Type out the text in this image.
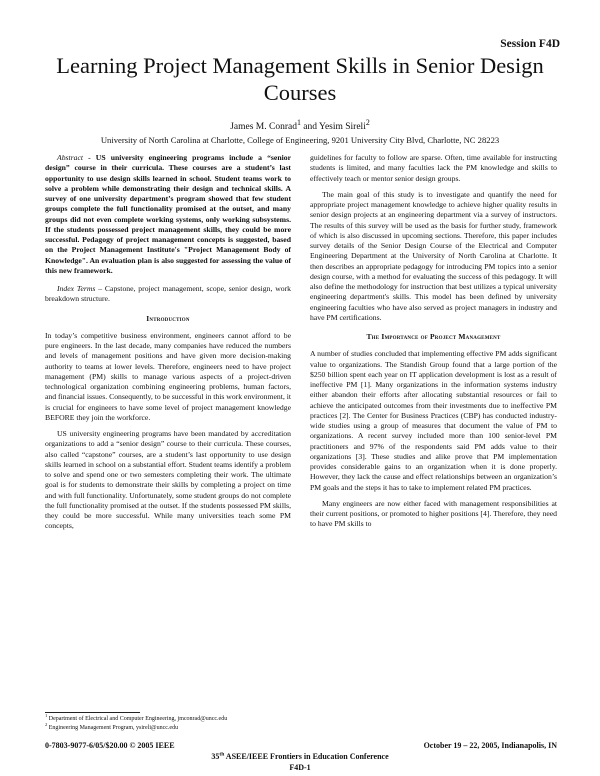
Session F4D
Learning Project Management Skills in Senior Design Courses
James M. Conrad$^1$ and Yesim Sireli$^2$
University of North Carolina at Charlotte, College of Engineering, 9201 University City Blvd, Charlotte, NC 28223

Abstract - US university engineering programs include a “senior design” course in their curricula. These courses are a student’s last opportunity to use design skills learned in school. Student teams work to solve a problem while demonstrating their design and technical skills. A survey of one university department’s program showed that few student groups complete the full functionality promised at the outset, and many groups did not even complete working systems, only working subsystems. If the students possessed project management skills, they could be more successful. Pedagogy of project management concepts is suggested, based on the Project Management Institute's "Project Management Body of Knowledge". An evaluation plan is also suggested for assessing the value of this new framework.

Index Terms – Capstone, project management, scope, senior design, work breakdown structure.

Introduction

In today’s competitive business environment, engineers cannot afford to be pure engineers. In the last decade, many companies have reduced the numbers and levels of management positions and have given more decision-making authority to teams at lower levels. Therefore, engineers need to have project management (PM) skills to manage various aspects of a project-driven technological organization combining engineering problems, human factors, and financial issues. Consequently, to be successful in this work environment, it is crucial for engineers to have some level of project management knowledge BEFORE they join the workforce.

US university engineering programs have been mandated by accreditation organizations to add a “senior design” course to their curricula. These courses, also called “capstone” courses, are a student’s last opportunity to use design skills learned in school on a substantial effort. Student teams identify a problem to solve and spend one or two semesters completing their work. The ultimate goal is for students to demonstrate their skills by completing a project on time and with full functionality. Unfortunately, some student groups do not complete the full functionality promised at the outset. If the students possessed PM skills, they could be more successful. While many universities teach some PM concepts,

guidelines for faculty to follow are sparse. Often, time available for instructing students is limited, and many faculties lack the PM knowledge and skills to effectively teach or mentor senior design groups.

The main goal of this study is to investigate and quantify the need for appropriate project management knowledge to achieve higher quality results in senior design projects at an engineering department via a survey of instructors. The results of this survey will be used as the basis for further study, framework of which is also discussed in upcoming sections. Therefore, this paper includes survey details of the Senior Design Course of the Electrical and Computer Engineering Department at the University of North Carolina at Charlotte. It then describes an appropriate pedagogy for introducing PM topics into a senior design course, with a method for evaluating the success of this pedagogy. It will also define the methodology for instruction that best utilizes a typical university engineering department's skills. This model has been defined by university engineering faculties who have also served as project managers in industry and have PM certifications.

The Importance of Project Management

A number of studies concluded that implementing effective PM adds significant value to organizations. The Standish Group found that a large portion of the $250 billion spent each year on IT application development is lost as a result of ineffective PM [1]. Many organizations in the information systems industry either abandon their efforts after allocating substantial resources or fail to achieve the anticipated outcomes from their investments due to ineffective PM practices [2]. The Center for Business Practices (CBP) has conducted industry-wide studies using a group of measures that document the value of PM to organizations. A recent survey included more than 100 senior-level PM practitioners and 97% of the respondents said PM adds value to their organizations [3]. These studies and alike prove that PM implementation provides considerable gains to an organization when it is done properly. However, they lack the cause and effect relationships between an organization’s PM goals and the steps it has to take to implement related PM practices.

Many engineers are now either faced with management responsibilities at their current positions, or promoted to higher positions [4]. Therefore, they need to have PM skills to

$^1$ Department of Electrical and Computer Engineering, jmconrad@uncc.edu
$^2$ Engineering Management Program, ysireli@uncc.edu
0-7803-9077-6/05/$20.00 © 2005 IEEE	October 19 – 22, 2005, Indianapolis, IN
35th ASEE/IEEE Frontiers in Education Conference
F4D-1
